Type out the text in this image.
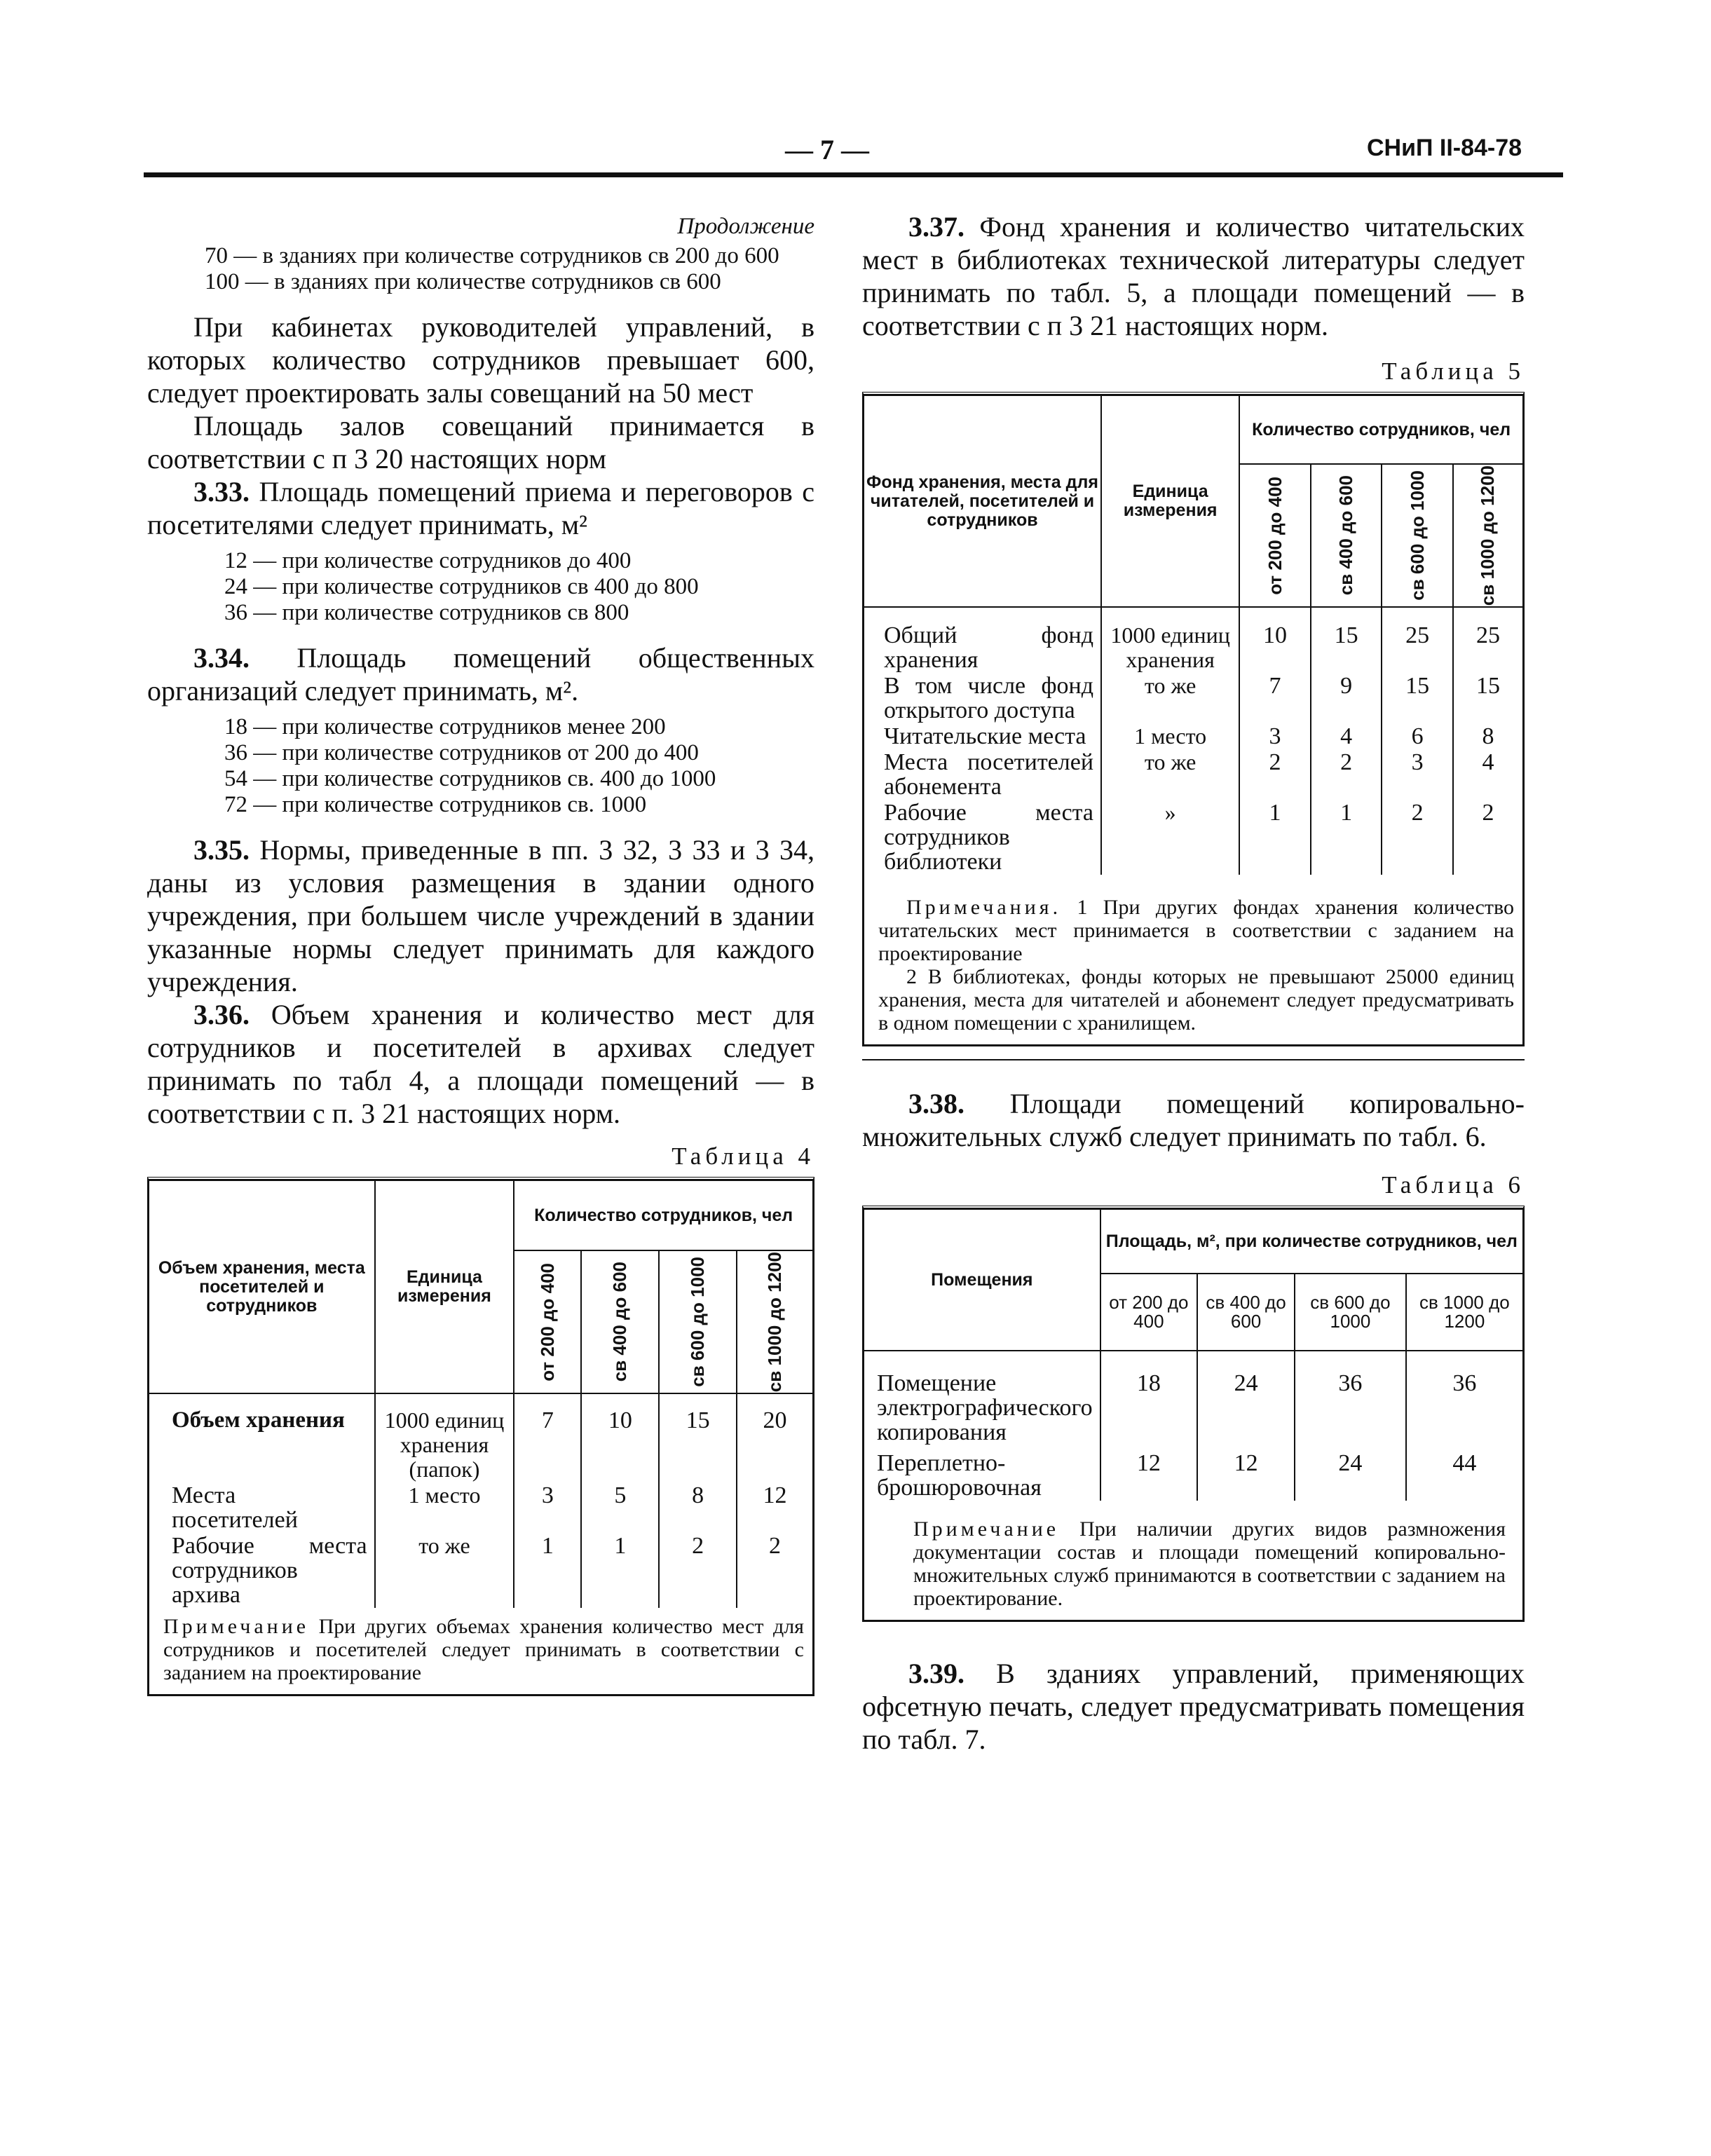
— 7 —	СНиП II-84-78
Продолжение

70 — в зданиях при количестве сотрудников св 200 до 600

100 — в зданиях при количестве сотрудников св 600

При кабинетах руководителей управлений, в которых количество сотрудников превышает 600, следует проектировать залы совещаний на 50 мест

Площадь залов совещаний принимается в соответствии с п 3 20 настоящих норм

3.33. Площадь помещений приема и переговоров с посетителями следует принимать, м²

12 — при количестве сотрудников до 400

24 — при количестве сотрудников св 400 до 800

36 — при количестве сотрудников св 800

3.34. Площадь помещений общественных организаций следует принимать, м².

18 — при количестве сотрудников менее 200

36 — при количестве сотрудников от 200 до 400

54 — при количестве сотрудников св. 400 до 1000

72 — при количестве сотрудников св. 1000

3.35. Нормы, приведенные в пп. 3 32, 3 33 и 3 34, даны из условия размещения в здании одного учреждения, при большем числе учреждений в здании указанные нормы следует принимать для каждого учреждения.

3.36. Объем хранения и количество мест для сотрудников и посетителей в архивах следует принимать по табл 4, а площади помещений — в соответствии с п. 3 21 настоящих норм.

Таблица 4
Объем хранения, места посетителей и сотрудников	Единица измерения	Количество сотрудников, чел			

		от 200 до 400	св 400 до 600	св 600 до 1000	св 1000 до 1200

Объем хранения	1000 единиц хранения (папок)	7	10	15	20
Места посетителей	1 место	3	5	8	12
Рабочие места сотрудников архива	то же	1	1	2	2
Примечание При других объемах хранения количество мест для сотрудников и посетителей следует принимать в соответствии с заданием на проектирование					

3.37. Фонд хранения и количество читательских мест в библиотеках технической литературы следует принимать по табл. 5, а площади помещений — в соответствии с п 3 21 настоящих норм.

Таблица 5
Фонд хранения, места для читателей, посетителей и сотрудников	Единица измерения	Количество сотрудников, чел			

		от 200 до 400	св 400 до 600	св 600 до 1000	св 1000 до 1200

Общий фонд хранения	1000 единиц хранения	10	15	25	25
В том числе фонд открытого доступа	то же	7	9	15	15
Читательские места	1 место	3	4	6	8
Места посетителей абонемента	то же	2	2	3	4
Рабочие места сотрудников библиотеки	»	1	1	2	2

Примечания. 1 При других фондах хранения количество читательских мест принимается в соответствии с заданием на проектирование
2 В библиотеках, фонды которых не превышают 25000 единиц хранения, места для читателей и абонемент следует предусматривать в одном помещении с хранилищем.					

3.38. Площади помещений копировально-множительных служб следует принимать по табл. 6.

Таблица 6
Помещения	Площадь, м², при количестве сотрудников, чел			
	от 200 до 400	св 400 до 600	св 600 до 1000	св 1000 до 1200

Помещение электрографического копирования	18	24	36	36
Переплетно-брошюровочная	12	12	24	44
Примечание При наличии других видов размножения документации состав и площади помещений копировально-множительных служб принимаются в соответствии с заданием на проектирование.				

3.39. В зданиях управлений, применяющих офсетную печать, следует предусматривать помещения по табл. 7.
